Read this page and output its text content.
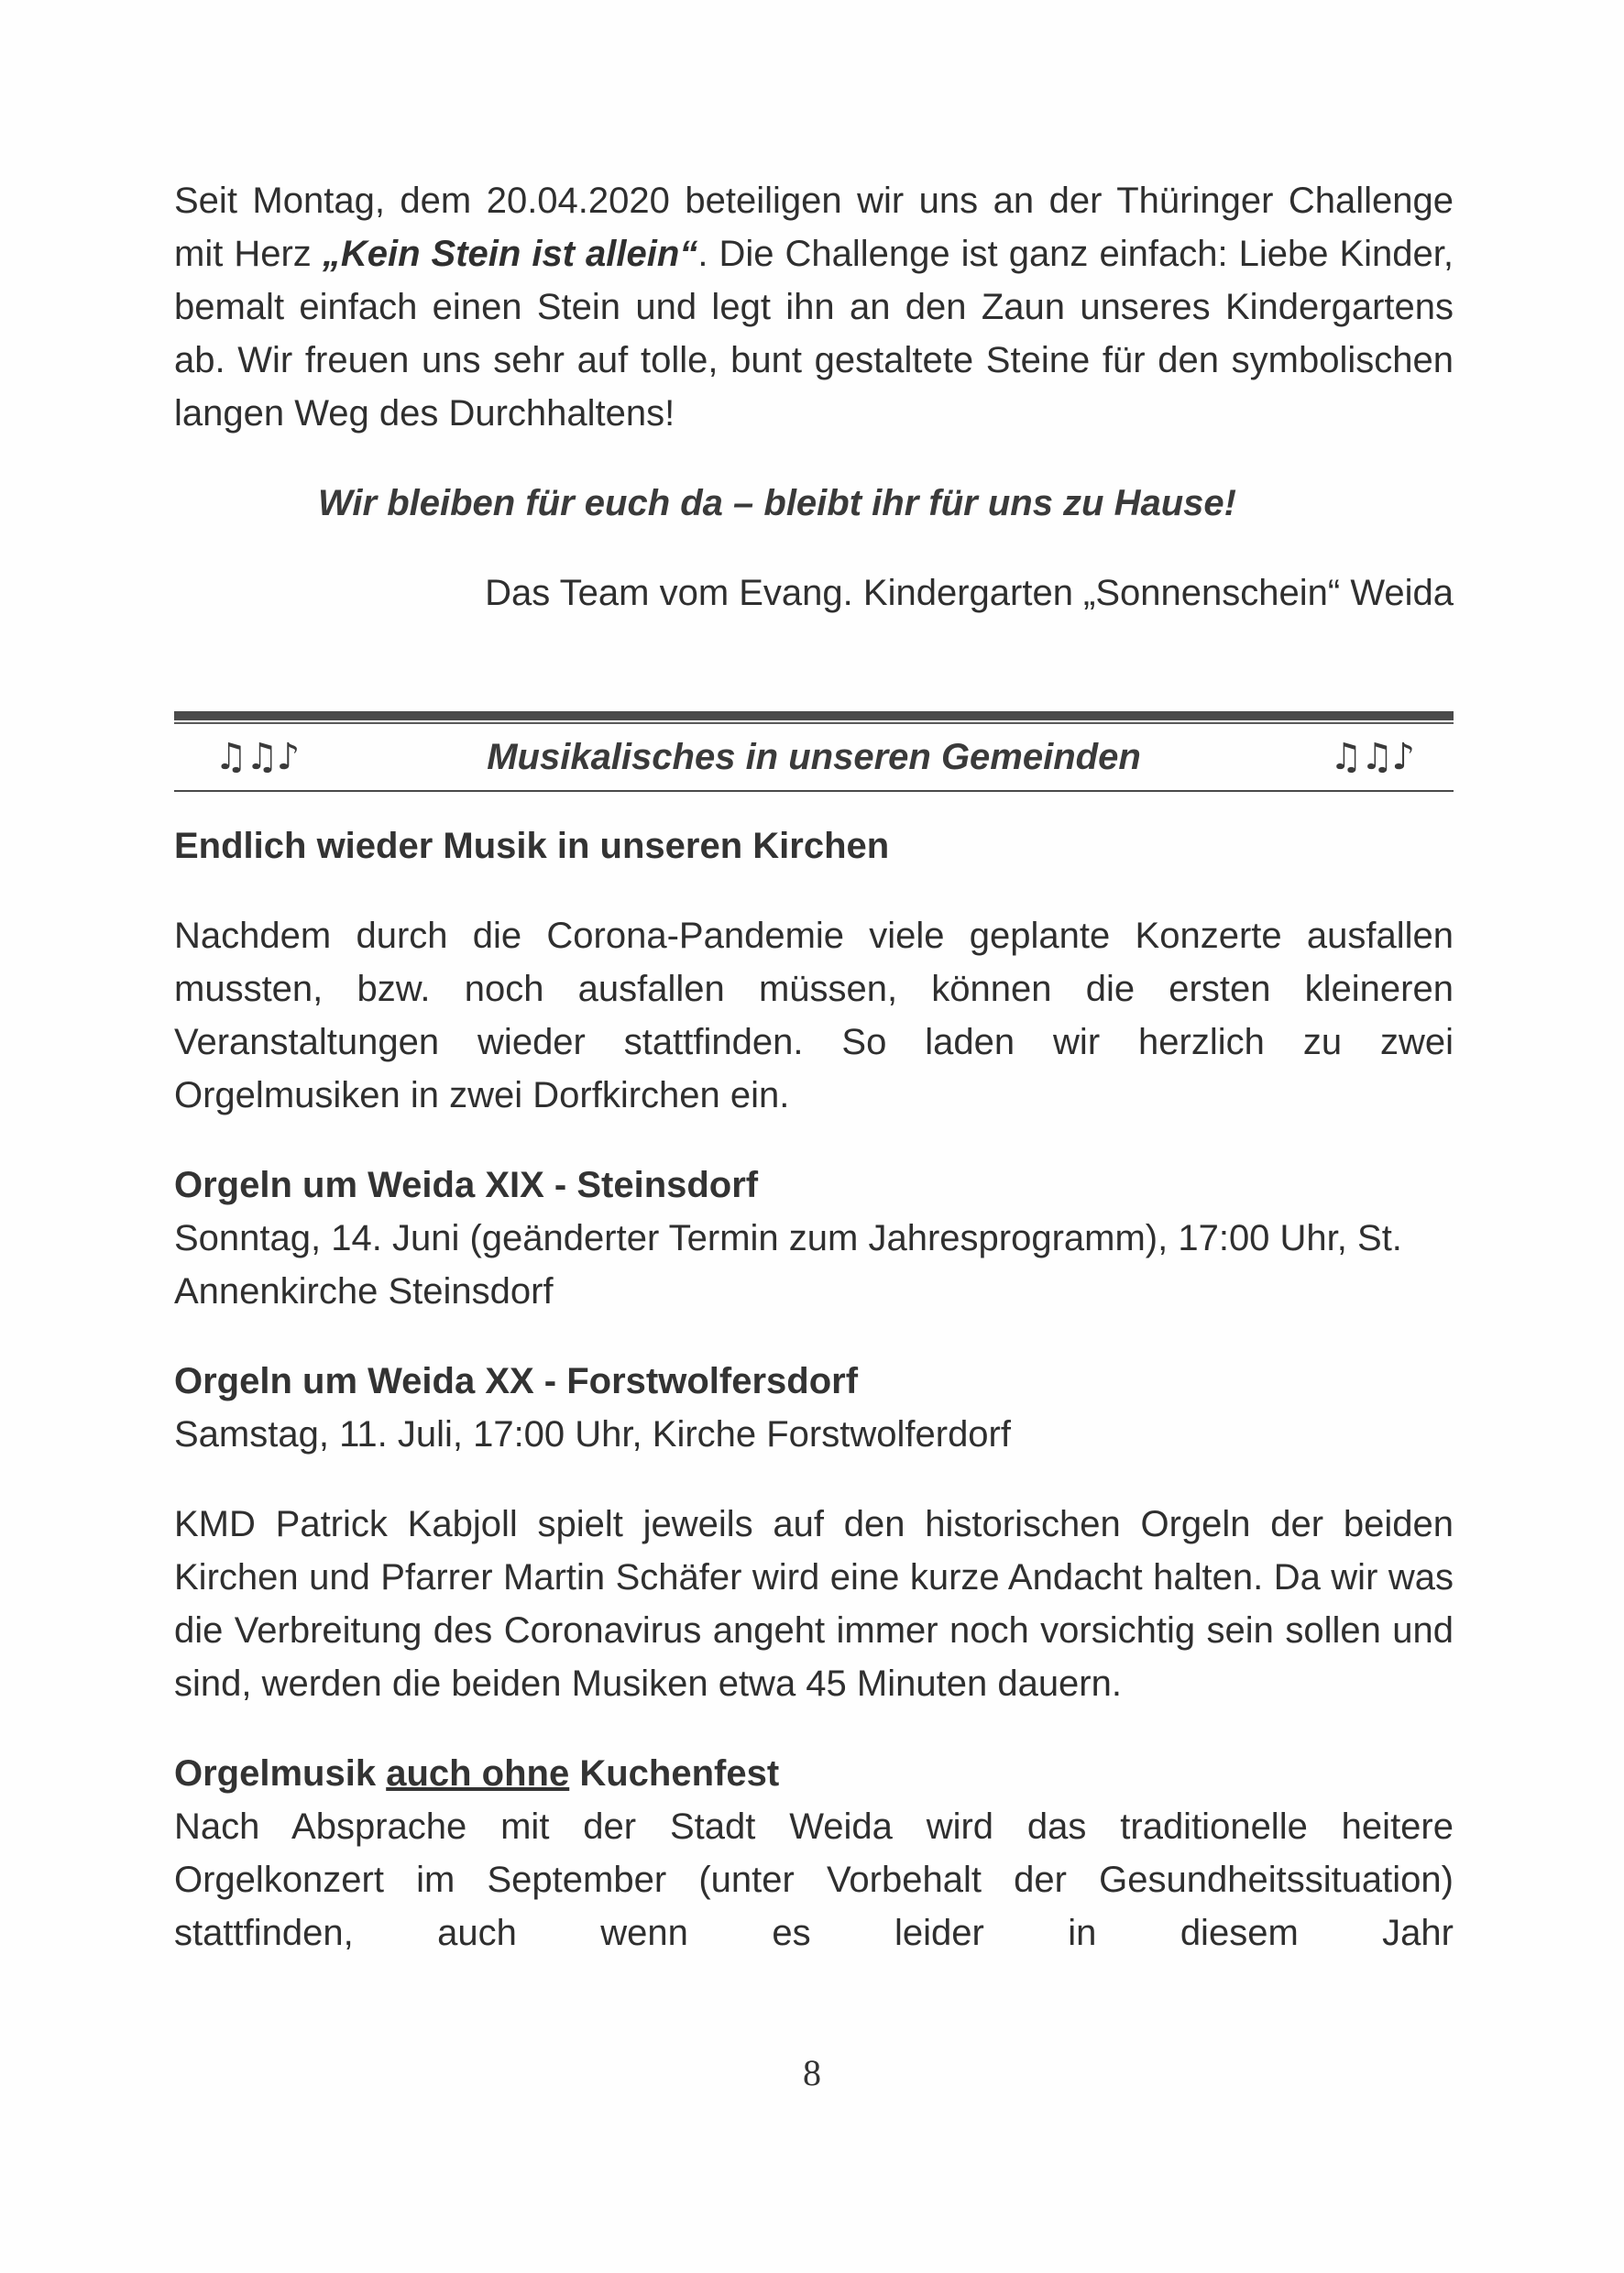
Seit Montag, dem 20.04.2020 beteiligen wir uns an der Thüringer Challenge mit Herz „Kein Stein ist allein“. Die Challenge ist ganz einfach: Liebe Kinder, bemalt einfach einen Stein und legt ihn an den Zaun unseres Kindergartens ab. Wir freuen uns sehr auf tolle, bunt gestaltete Steine für den symbolischen langen Weg des Durchhaltens!

Wir bleiben für euch da – bleibt ihr für uns zu Hause!

Das Team vom Evang. Kindergarten „Sonnenschein“ Weida

♫♫♪	Musikalisches in unseren Gemeinden	♫♫♪
Endlich wieder Musik in unseren Kirchen

Nachdem durch die Corona-Pandemie viele geplante Konzerte ausfallen mussten, bzw. noch ausfallen müssen, können die ersten kleineren Veranstaltungen wieder stattfinden. So laden wir herzlich zu zwei Orgelmusiken in zwei Dorfkirchen ein.

Orgeln um Weida XIX - Steinsdorf

Sonntag, 14. Juni (geänderter Termin zum Jahresprogramm), 17:00 Uhr, St. Annenkirche Steinsdorf

Orgeln um Weida XX - Forstwolfersdorf

Samstag, 11. Juli, 17:00 Uhr, Kirche Forstwolferdorf

KMD Patrick Kabjoll spielt jeweils auf den historischen Orgeln der beiden Kirchen und Pfarrer Martin Schäfer wird eine kurze Andacht halten. Da wir was die Verbreitung des Coronavirus angeht immer noch vorsichtig sein sollen und sind, werden die beiden Musiken etwa 45 Minuten dauern.

Orgelmusik auch ohne Kuchenfest

Nach Absprache mit der Stadt Weida wird das traditionelle heitere Orgelkonzert im September (unter Vorbehalt der Gesundheitssituation) stattfinden, auch wenn es leider in diesem Jahr

8
